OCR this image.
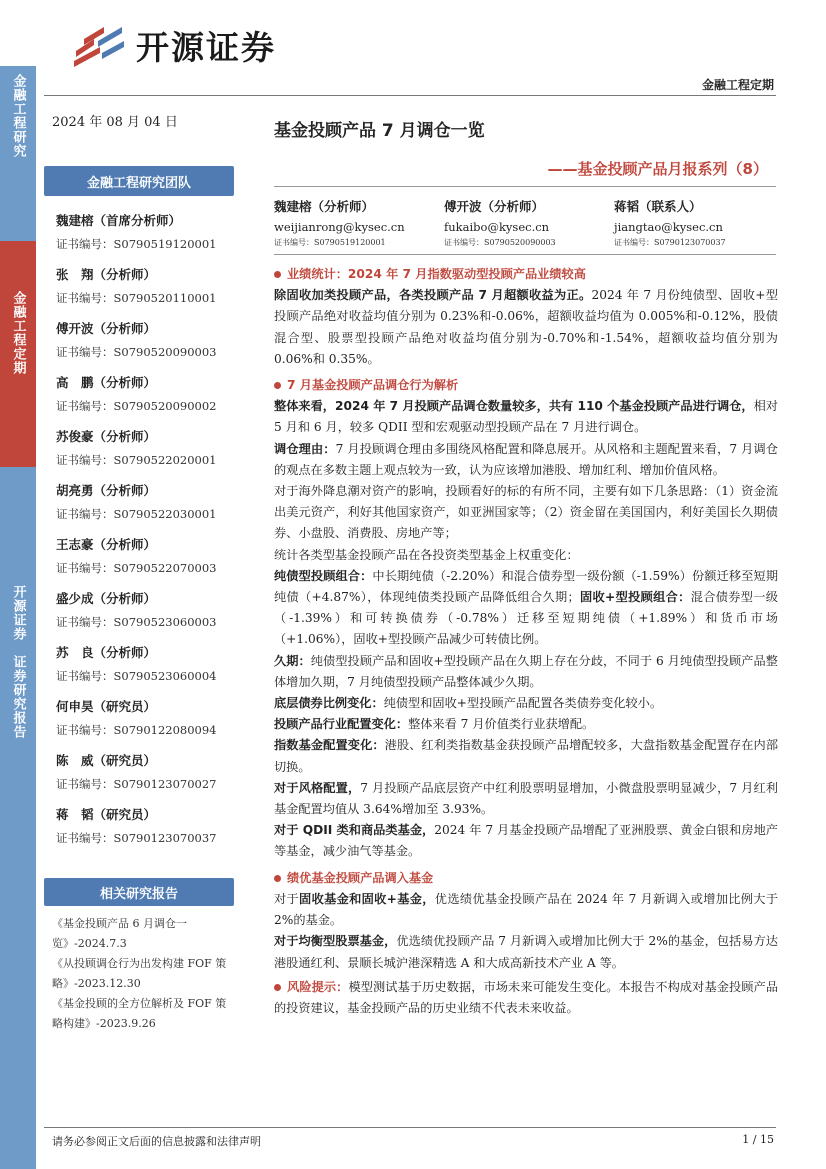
金融工程研究
金融工程定期
开源证券　证券研究报告
开源证券
金融工程定期
2024 年 08 月 04 日
金融工程研究团队
魏建榕（首席分析师）
证书编号：S0790519120001
张　翔（分析师）
证书编号：S0790520110001
傅开波（分析师）
证书编号：S0790520090003
高　鹏（分析师）
证书编号：S0790520090002
苏俊豪（分析师）
证书编号：S0790522020001
胡亮勇（分析师）
证书编号：S0790522030001
王志豪（分析师）
证书编号：S0790522070003
盛少成（分析师）
证书编号：S0790523060003
苏　良（分析师）
证书编号：S0790523060004
何申昊（研究员）
证书编号：S0790122080094
陈　威（研究员）
证书编号：S0790123070027
蒋　韬（研究员）
证书编号：S0790123070037
相关研究报告
《基金投顾产品 6 月调仓一览》-2024.7.3
《从投顾调仓行为出发构建 FOF 策略》-2023.12.30
《基金投顾的全方位解析及 FOF 策略构建》-2023.9.26
基金投顾产品 7 月调仓一览
——基金投顾产品月报系列（8）
魏建榕（分析师）
weijianrong@kysec.cn
证书编号：S0790519120001
傅开波（分析师）
fukaibo@kysec.cn
证书编号：S0790520090003
蒋韬（联系人）
jiangtao@kysec.cn
证书编号：S0790123070037
业绩统计：2024 年 7 月指数驱动型投顾产品业绩较高

除固收加类投顾产品，各类投顾产品 7 月超额收益为正。2024 年 7 月份纯债型、固收+型投顾产品绝对收益均值分别为 0.23%和-0.06%，超额收益均值为 0.005%和-0.12%，股债混合型、股票型投顾产品绝对收益均值分别为-0.70%和-1.54%，超额收益均值分别为 0.06%和 0.35%。

7 月基金投顾产品调仓行为解析

整体来看，2024 年 7 月投顾产品调仓数量较多，共有 110 个基金投顾产品进行调仓，相对 5 月和 6 月，较多 QDII 型和宏观驱动型投顾产品在 7 月进行调仓。

调仓理由：7 月投顾调仓理由多围绕风格配置和降息展开。从风格和主题配置来看，7 月调仓的观点在多数主题上观点较为一致，认为应该增加港股、增加红利、增加价值风格。

对于海外降息潮对资产的影响，投顾看好的标的有所不同，主要有如下几条思路：（1）资金流出美元资产，利好其他国家资产，如亚洲国家等；（2）资金留在美国国内，利好美国长久期债券、小盘股、消费股、房地产等；

统计各类型基金投顾产品在各投资类型基金上权重变化：

纯债型投顾组合：中长期纯债（-2.20%）和混合债券型一级份额（-1.59%）份额迁移至短期纯债（+4.87%），体现纯债类投顾产品降低组合久期；固收+型投顾组合：混合债券型一级（-1.39%）和可转换债券（-0.78%）迁移至短期纯债（+1.89%）和货币市场（+1.06%），固收+型投顾产品减少可转债比例。

久期：纯债型投顾产品和固收+型投顾产品在久期上存在分歧，不同于 6 月纯债型投顾产品整体增加久期，7 月纯债型投顾产品整体减少久期。

底层债券比例变化：纯债型和固收+型投顾产品配置各类债券变化较小。

投顾产品行业配置变化：整体来看 7 月价值类行业获增配。

指数基金配置变化：港股、红利类指数基金获投顾产品增配较多，大盘指数基金配置存在内部切换。

对于风格配置，7 月投顾产品底层资产中红利股票明显增加，小微盘股票明显减少，7 月红利基金配置均值从 3.64%增加至 3.93%。

对于 QDII 类和商品类基金，2024 年 7 月基金投顾产品增配了亚洲股票、黄金白银和房地产等基金，减少油气等基金。

绩优基金投顾产品调入基金

对于固收基金和固收+基金，优选绩优基金投顾产品在 2024 年 7 月新调入或增加比例大于 2%的基金。

对于均衡型股票基金，优选绩优投顾产品 7 月新调入或增加比例大于 2%的基金，包括易方达港股通红利、景顺长城沪港深精选 A 和大成高新技术产业 A 等。

风险提示：模型测试基于历史数据，市场未来可能发生变化。本报告不构成对基金投顾产品的投资建议，基金投顾产品的历史业绩不代表未来收益。

请务必参阅正文后面的信息披露和法律声明	1 / 15
